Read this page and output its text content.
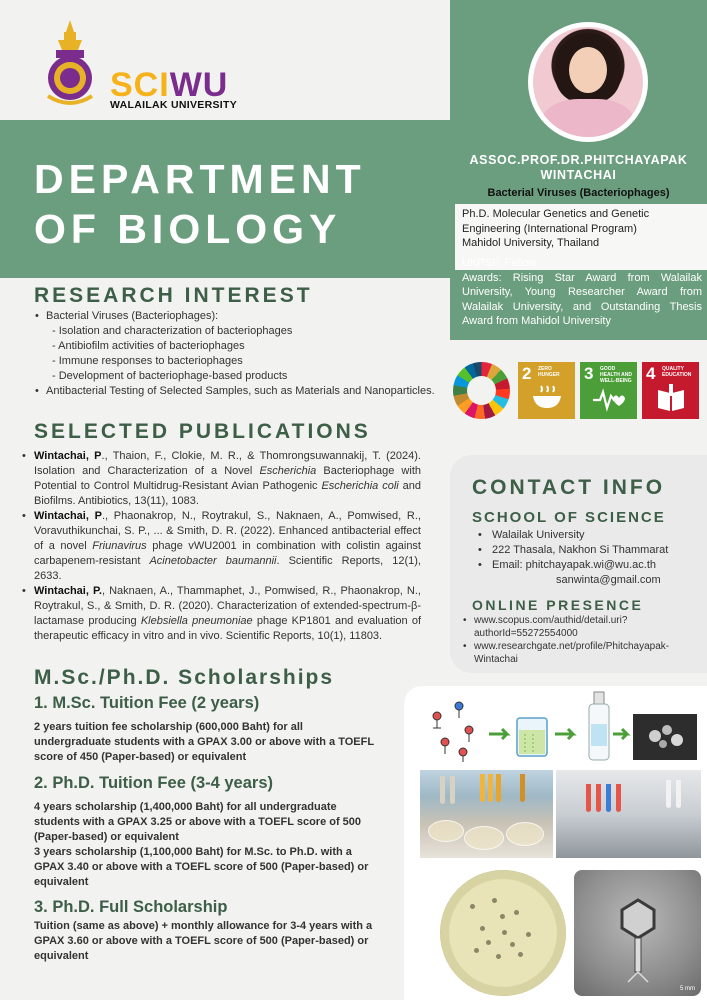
SCIWU
WALAILAK UNIVERSITY
DEPARTMENT
OF BIOLOGY
ASSOC.PROF.DR.PHITCHAYAPAK
WINTACHAI
Bacterial Viruses (Bacteriophages)
Ph.D. Molecular Genetics and Genetic Engineering (International Program)
Mahidol University, Thailand
UKPSF: Fellow
Awards: Rising Star Award from Walailak University, Young Researcher Award from Walailak University, and Outstanding Thesis Award from Mahidol University
2 ZERO HUNGER	3 GOOD HEALTH AND WELL-BEING 4 QUALITY EDUCATION
RESEARCH INTEREST
• Bacterial Viruses (Bacteriophages):
- Isolation and characterization of bacteriophages
- Antibiofilm activities of bacteriophages
- Immune responses to bacteriophages
- Development of bacteriophage-based products
• Antibacterial Testing of Selected Samples, such as Materials and Nanoparticles.
SELECTED PUBLICATIONS
• Wintachai, P., Thaion, F., Clokie, M. R., & Thomrongsuwannakij, T. (2024). Isolation and Characterization of a Novel Escherichia Bacteriophage with Potential to Control Multidrug-Resistant Avian Pathogenic Escherichia coli and Biofilms. Antibiotics, 13(11), 1083.
• Wintachai, P., Phaonakrop, N., Roytrakul, S., Naknaen, A., Pomwised, R., Voravuthikunchai, S. P., ... & Smith, D. R. (2022). Enhanced antibacterial effect of a novel Friunavirus phage vWU2001 in combination with colistin against carbapenem-resistant Acinetobacter baumannii. Scientific Reports, 12(1), 2633.
• Wintachai, P., Naknaen, A., Thammaphet, J., Pomwised, R., Phaonakrop, N., Roytrakul, S., & Smith, D. R. (2020). Characterization of extended-spectrum-β-lactamase producing Klebsiella pneumoniae phage KP1801 and evaluation of therapeutic efficacy in vitro and in vivo. Scientific Reports, 10(1), 11803.
CONTACT INFO
SCHOOL OF SCIENCE
• Walailak University
• 222 Thasala, Nakhon Si Thammarat
• Email: phitchayapak.wi@wu.ac.th
sanwinta@gmail.com
ONLINE PRESENCE
• www.scopus.com/authid/detail.uri?authorId=55272554000
• www.researchgate.net/profile/Phitchayapak-Wintachai
M.Sc./Ph.D. Scholarships
1. M.Sc. Tuition Fee (2 years)
2 years tuition fee scholarship (600,000 Baht) for all undergraduate students with a GPAX 3.00 or above with a TOEFL score of 450 (Paper-based) or equivalent
2. Ph.D. Tuition Fee (3-4 years)
4 years scholarship (1,400,000 Baht) for all undergraduate students with a GPAX 3.25 or above with a TOEFL score of 500 (Paper-based) or equivalent
3 years scholarship (1,100,000 Baht) for M.Sc. to Ph.D. with a GPAX 3.40 or above with a TOEFL score of 500 (Paper-based) or equivalent
3. Ph.D. Full Scholarship
Tuition (same as above) + monthly allowance for 3-4 years with a GPAX 3.60 or above with a TOEFL score of 500 (Paper-based) or equivalent
5 mm
